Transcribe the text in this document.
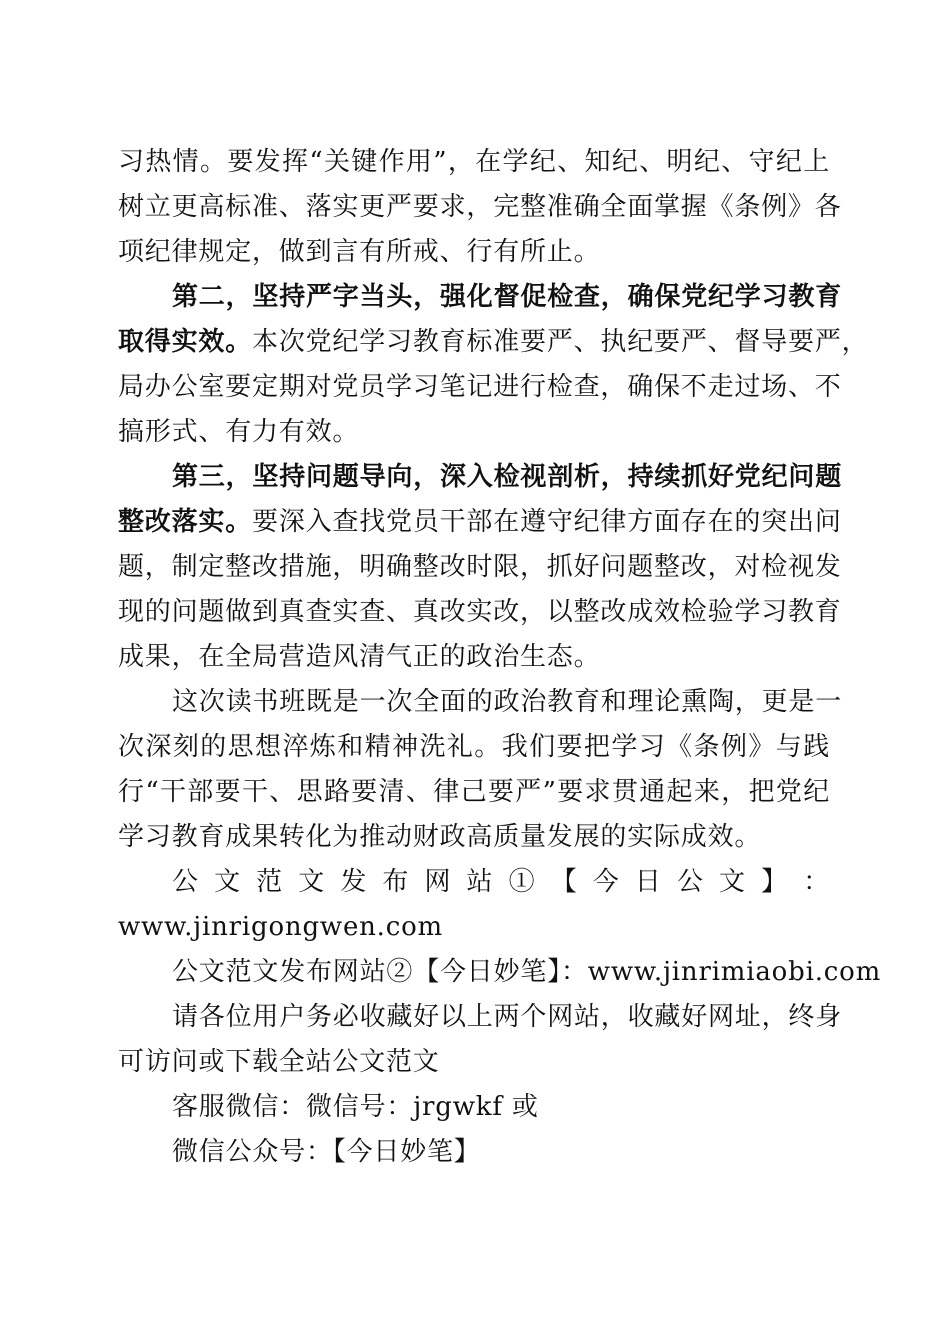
习热情。要发挥“关键作用”，在学纪、知纪、明纪、守纪上
树立更高标准、落实更严要求，完整准确全面掌握《条例》各
项纪律规定，做到言有所戒、行有所止。
第二，坚持严字当头，强化督促检查，确保党纪学习教育
取得实效。本次党纪学习教育标准要严、执纪要严、督导要严，
局办公室要定期对党员学习笔记进行检查，确保不走过场、不
搞形式、有力有效。
第三，坚持问题导向，深入检视剖析，持续抓好党纪问题
整改落实。要深入查找党员干部在遵守纪律方面存在的突出问
题，制定整改措施，明确整改时限，抓好问题整改，对检视发
现的问题做到真查实查、真改实改，以整改成效检验学习教育
成果，在全局营造风清气正的政治生态。
这次读书班既是一次全面的政治教育和理论熏陶，更是一
次深刻的思想淬炼和精神洗礼。我们要把学习《条例》与践
行“干部要干、思路要清、律己要严”要求贯通起来，把党纪
学习教育成果转化为推动财政高质量发展的实际成效。
公 文 范 文 发 布 网 站 ① 【 今 日 公 文 】 ：
www.jinrigongwen.com
公文范文发布网站②【今日妙笔】：www.jinrimiaobi.com
请各位用户务必收藏好以上两个网站，收藏好网址，终身
可访问或下载全站公文范文
客服微信：微信号：jrgwkf 或
微信公众号：【今日妙笔】
